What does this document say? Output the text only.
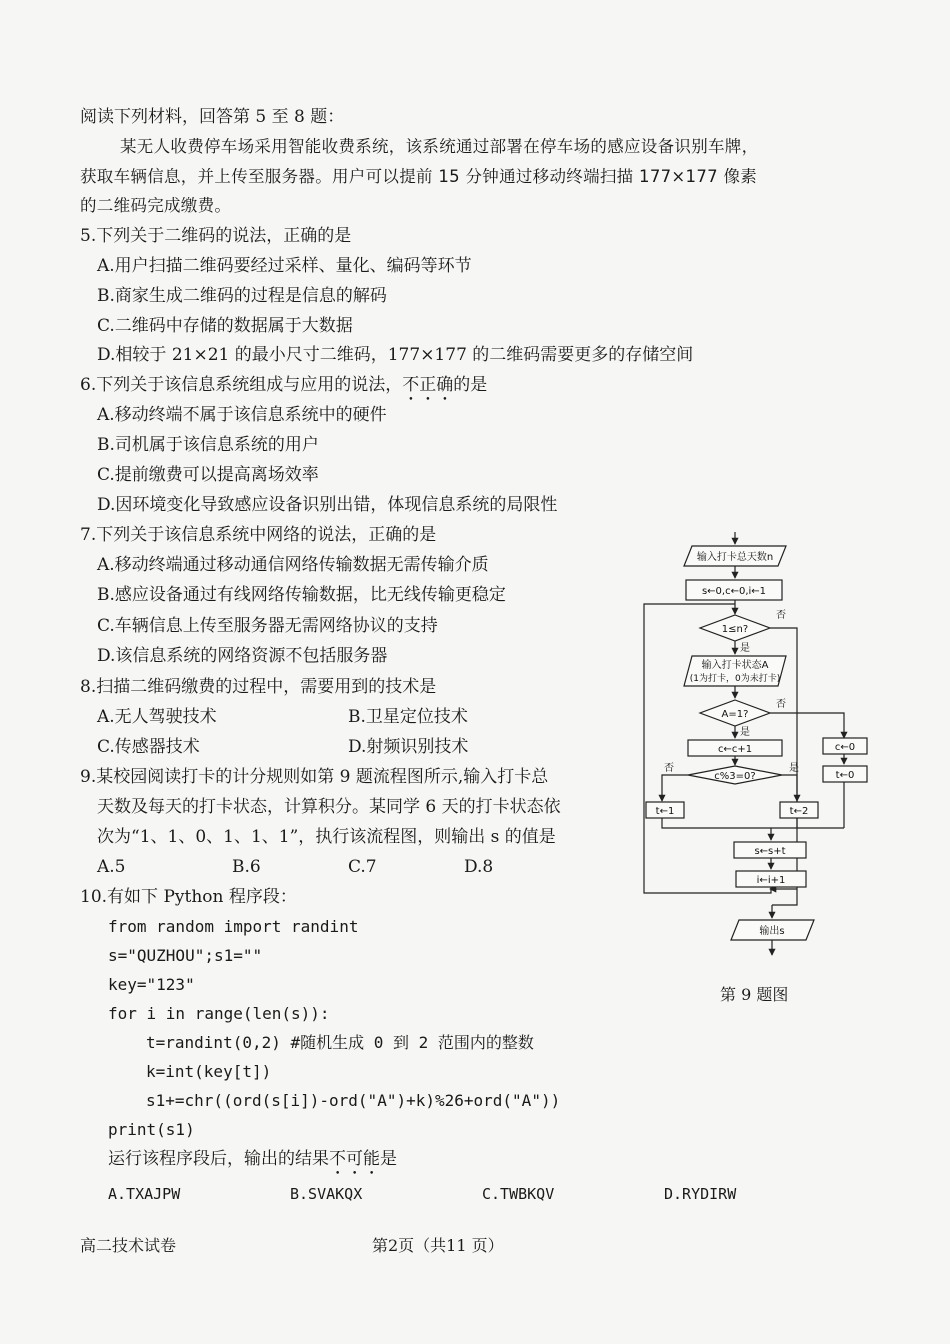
阅读下列材料，回答第 5 至 8 题：
某无人收费停车场采用智能收费系统，该系统通过部署在停车场的感应设备识别车牌，
获取车辆信息，并上传至服务器。用户可以提前 15 分钟通过移动终端扫描 177×177 像素
的二维码完成缴费。
5.下列关于二维码的说法，正确的是
A.用户扫描二维码要经过采样、量化、编码等环节
B.商家生成二维码的过程是信息的解码
C.二维码中存储的数据属于大数据
D.相较于 21×21 的最小尺寸二维码，177×177 的二维码需要更多的存储空间
6.下列关于该信息系统组成与应用的说法，不正确的是
A.移动终端不属于该信息系统中的硬件
B.司机属于该信息系统的用户
C.提前缴费可以提高离场效率
D.因环境变化导致感应设备识别出错，体现信息系统的局限性
7.下列关于该信息系统中网络的说法，正确的是
A.移动终端通过移动通信网络传输数据无需传输介质
B.感应设备通过有线网络传输数据，比无线传输更稳定
C.车辆信息上传至服务器无需网络协议的支持
D.该信息系统的网络资源不包括服务器
8.扫描二维码缴费的过程中，需要用到的技术是
A.无人驾驶技术	B.卫星定位技术
C.传感器技术	D.射频识别技术
9.某校园阅读打卡的计分规则如第 9 题流程图所示,输入打卡总
天数及每天的打卡状态，计算积分。某同学 6 天的打卡状态依
次为“1、1、0、1、1、1”，执行该流程图，则输出 s 的值是
A.5	B.6	C.7	D.8
10.有如下 Python 程序段：
from random import randint
s="QUZHOU";s1=""
key="123"
for i in range(len(s)):
t=randint(0,2) #随机生成 0 到 2 范围内的整数
k=int(key[t])
s1+=chr((ord(s[i])-ord("A")+k)%26+ord("A"))
print(s1)
运行该程序段后，输出的结果不可能是
A.TXAJPW	B.SVAKQX	C.TWBKQV	D.RYDIRW
输入打卡总天数n
s←0,c←0,i←1
1≤n?
输入打卡状态A
(1为打卡，0为未打卡)
A=1?
c←c+1	c←0
t←0
c%3=0?
t←1	t←2
s←s+t
i←i+1
输出s
否
是
否
是
否	是
第 9 题图
高二技术试卷	第2页（共11 页）
